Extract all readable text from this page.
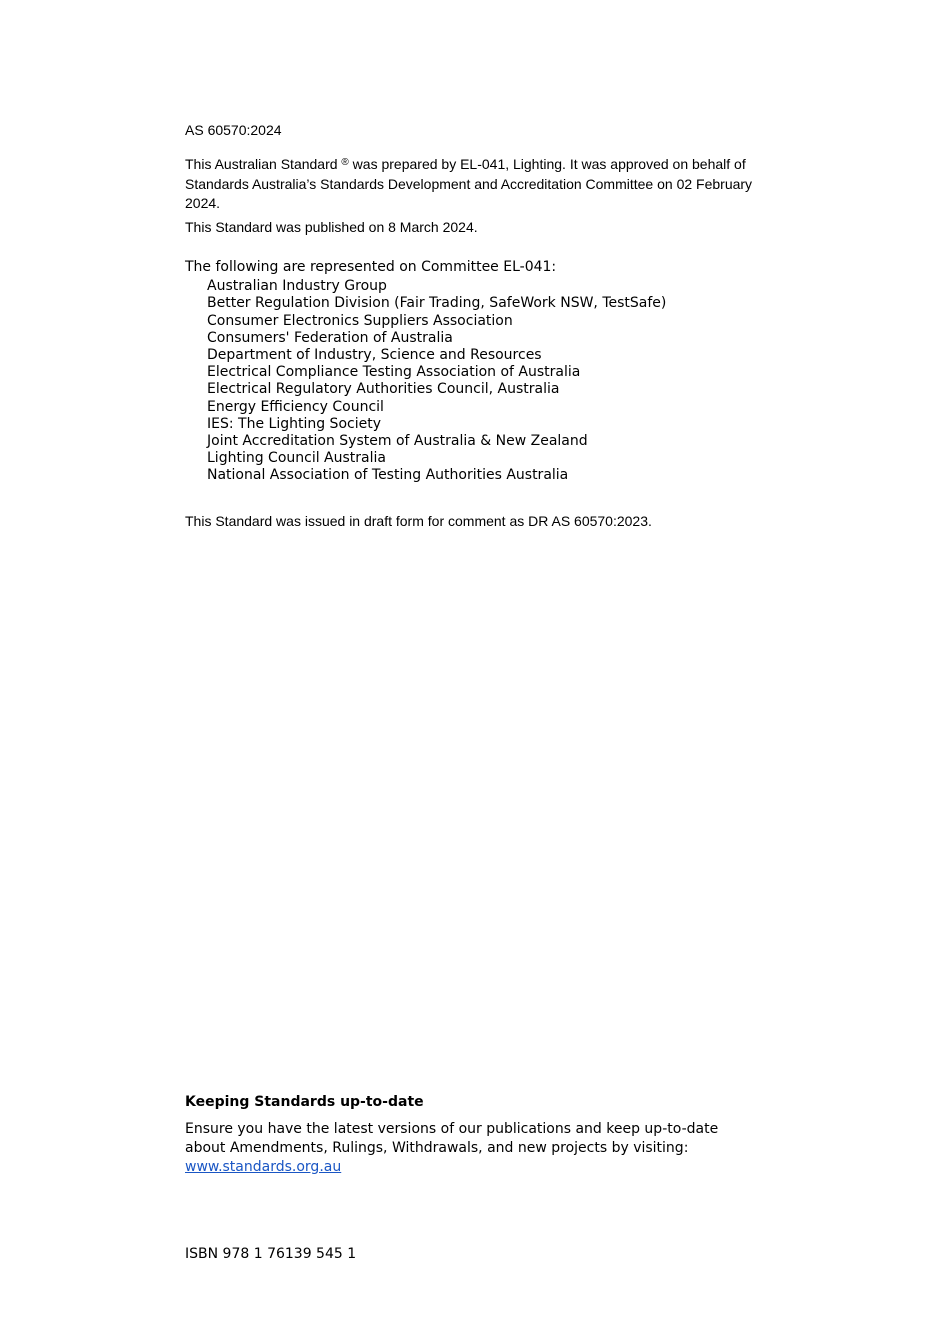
AS 60570:2024
This Australian Standard ® was prepared by EL-041, Lighting. It was approved on behalf of Standards Australia’s Standards Development and Accreditation Committee on 02 February 2024.
This Standard was published on 8 March 2024.
The following are represented on Committee EL-041:
Australian Industry Group
Better Regulation Division (Fair Trading, SafeWork NSW, TestSafe)
Consumer Electronics Suppliers Association
Consumers' Federation of Australia
Department of Industry, Science and Resources
Electrical Compliance Testing Association of Australia
Electrical Regulatory Authorities Council, Australia
Energy Efficiency Council
IES: The Lighting Society
Joint Accreditation System of Australia & New Zealand
Lighting Council Australia
National Association of Testing Authorities Australia
This Standard was issued in draft form for comment as DR AS 60570:2023.
Keeping Standards up-to-date
Ensure you have the latest versions of our publications and keep up-to-date about Amendments, Rulings, Withdrawals, and new projects by visiting:
www.standards.org.au
ISBN 978 1 76139 545 1
